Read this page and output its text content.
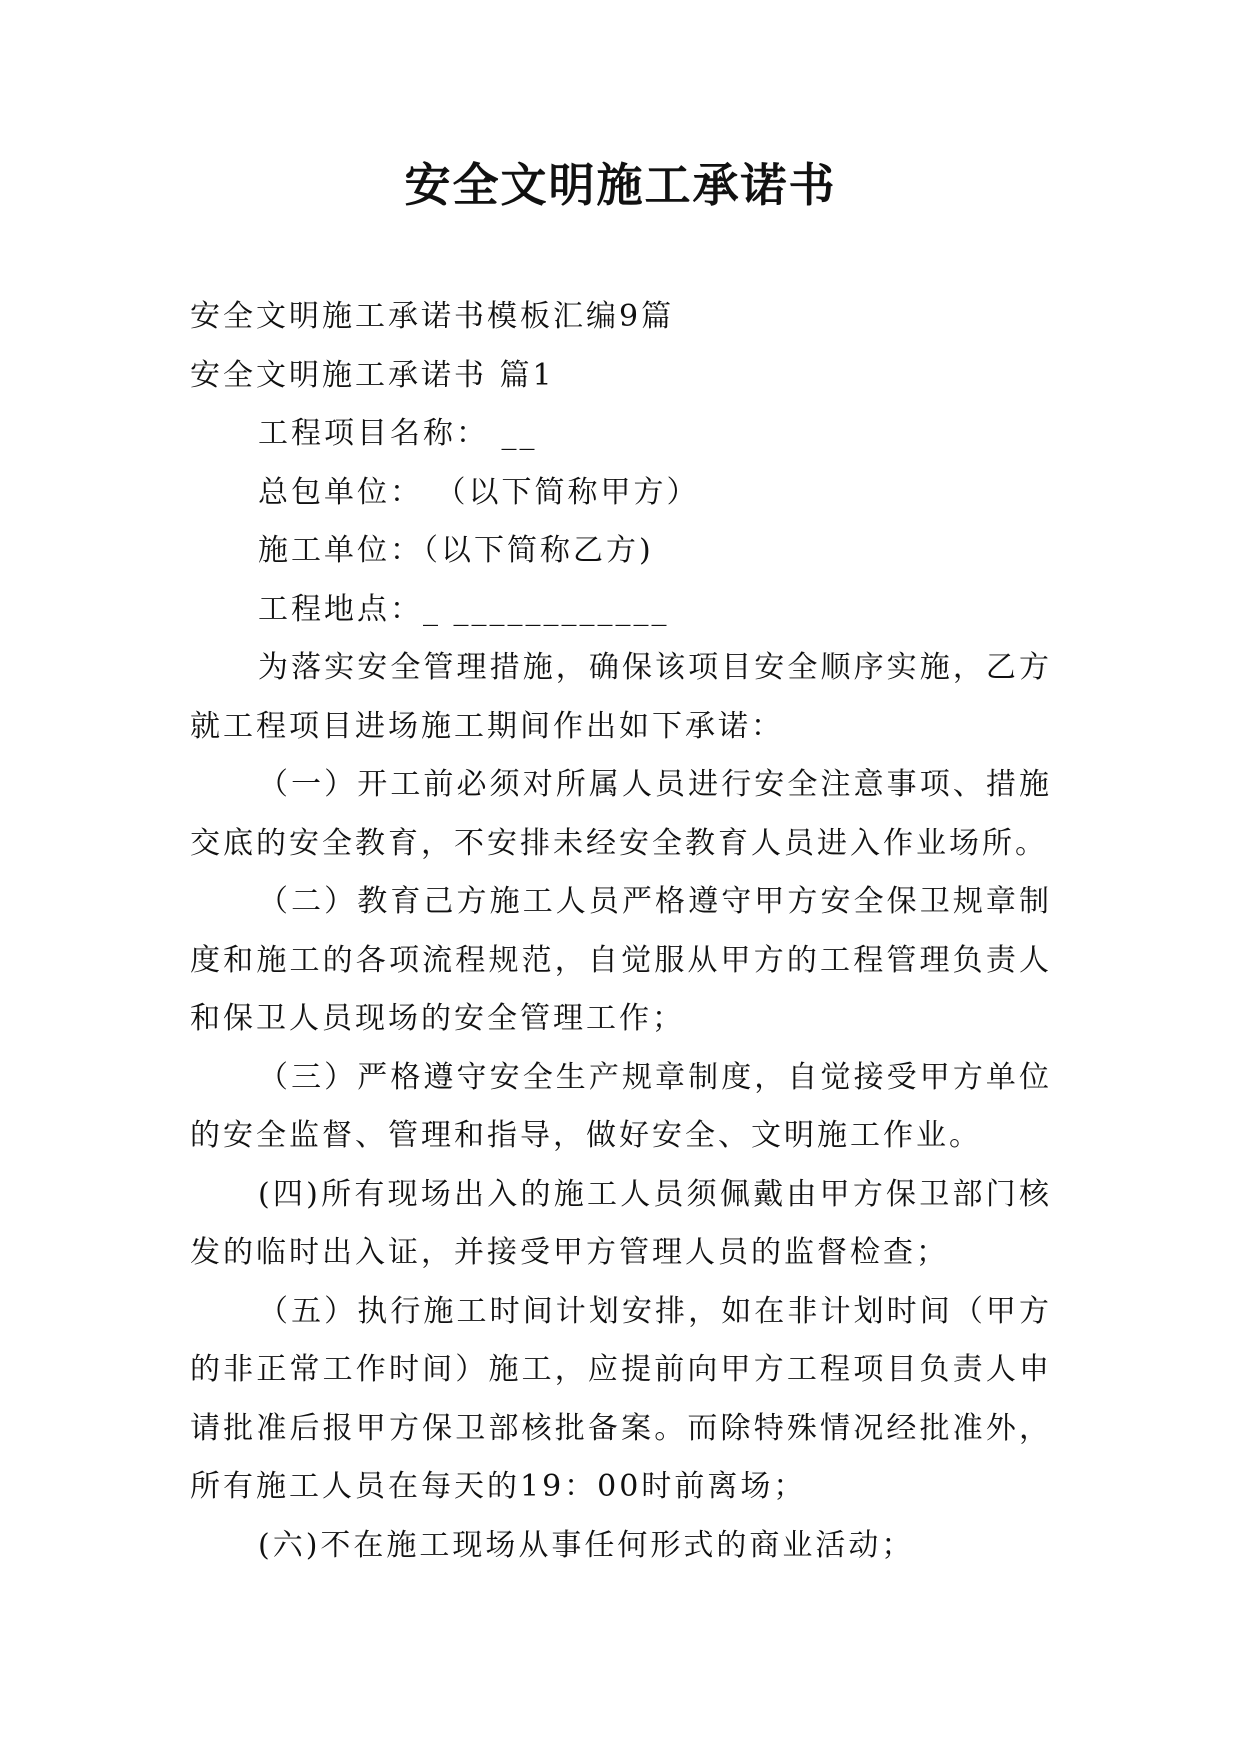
安全文明施工承诺书

安全文明施工承诺书模板汇编9篇

安全文明施工承诺书 篇1

工程项目名称： __

总包单位： （以下简称甲方）

施工单位：（以下简称乙方)

工程地点：_ ____________

为落实安全管理措施，确保该项目安全顺序实施，乙方就工程项目进场施工期间作出如下承诺：

（一）开工前必须对所属人员进行安全注意事项、措施交底的安全教育，不安排未经安全教育人员进入作业场所。

（二）教育己方施工人员严格遵守甲方安全保卫规章制度和施工的各项流程规范，自觉服从甲方的工程管理负责人和保卫人员现场的安全管理工作；

（三）严格遵守安全生产规章制度，自觉接受甲方单位的安全监督、管理和指导，做好安全、文明施工作业。

(四)所有现场出入的施工人员须佩戴由甲方保卫部门核发的临时出入证，并接受甲方管理人员的监督检查；

（五）执行施工时间计划安排，如在非计划时间（甲方的非正常工作时间）施工，应提前向甲方工程项目负责人申请批准后报甲方保卫部核批备案。而除特殊情况经批准外，所有施工人员在每天的19：00时前离场；

(六)不在施工现场从事任何形式的商业活动；
